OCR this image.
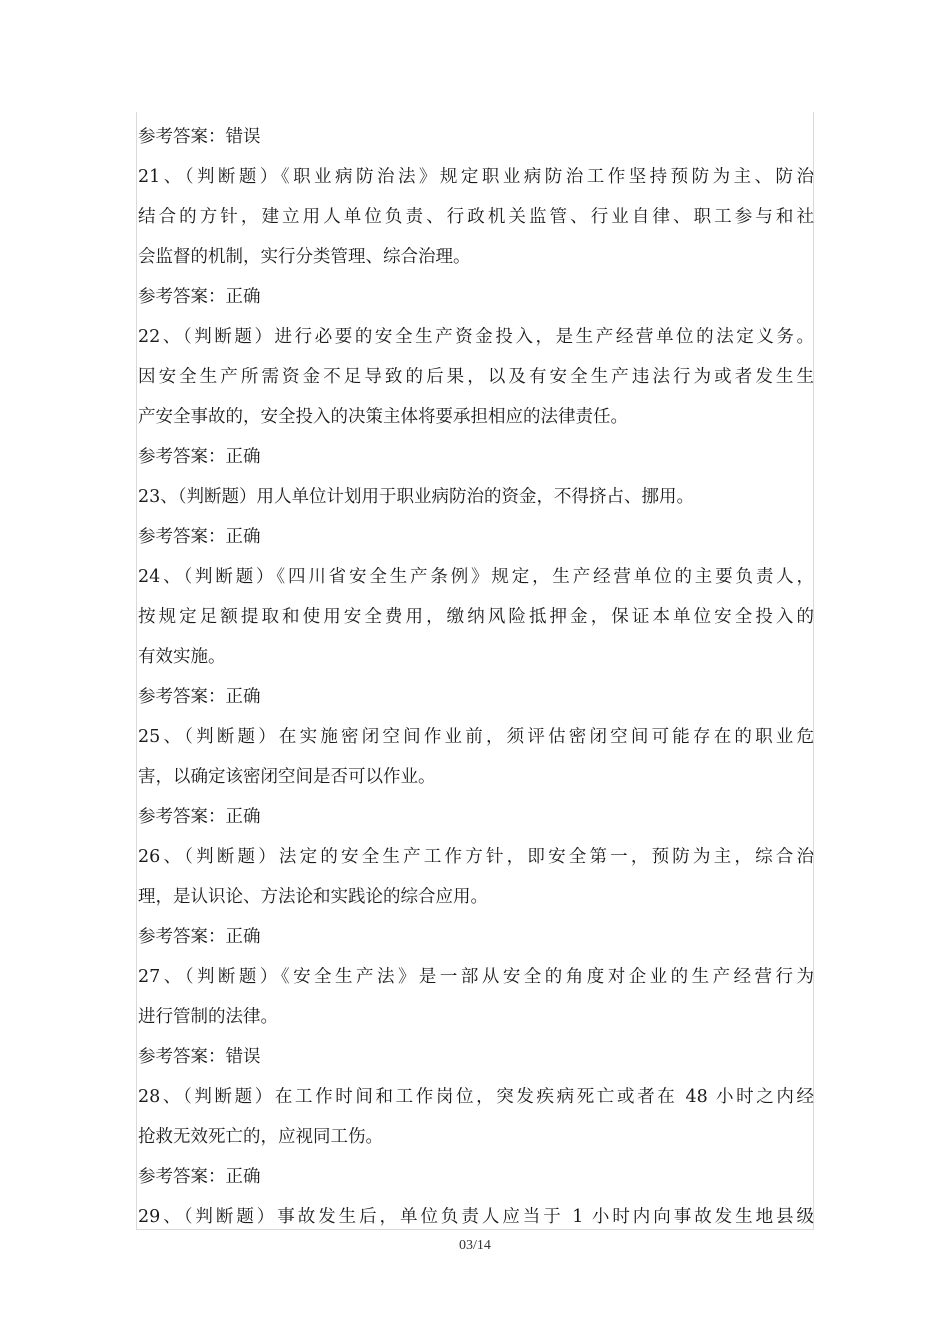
参考答案：错误
21、（判断题）《职业病防治法》规定职业病防治工作坚持预防为主、防治
结合的方针，建立用人单位负责、行政机关监管、行业自律、职工参与和社
会监督的机制，实行分类管理、综合治理。
参考答案：正确
22、（判断题）进行必要的安全生产资金投入，是生产经营单位的法定义务。
因安全生产所需资金不足导致的后果，以及有安全生产违法行为或者发生生
产安全事故的，安全投入的决策主体将要承担相应的法律责任。
参考答案：正确
23、（判断题）用人单位计划用于职业病防治的资金，不得挤占、挪用。
参考答案：正确
24、（判断题）《四川省安全生产条例》规定，生产经营单位的主要负责人，
按规定足额提取和使用安全费用，缴纳风险抵押金，保证本单位安全投入的
有效实施。
参考答案：正确
25、（判断题）在实施密闭空间作业前，须评估密闭空间可能存在的职业危
害，以确定该密闭空间是否可以作业。
参考答案：正确
26、（判断题）法定的安全生产工作方针，即安全第一，预防为主，综合治
理，是认识论、方法论和实践论的综合应用。
参考答案：正确
27、（判断题）《安全生产法》是一部从安全的角度对企业的生产经营行为
进行管制的法律。
参考答案：错误
28、（判断题）在工作时间和工作岗位，突发疾病死亡或者在 48 小时之内经
抢救无效死亡的，应视同工伤。
参考答案：正确
29、（判断题）事故发生后，单位负责人应当于 1 小时内向事故发生地县级
03/14
